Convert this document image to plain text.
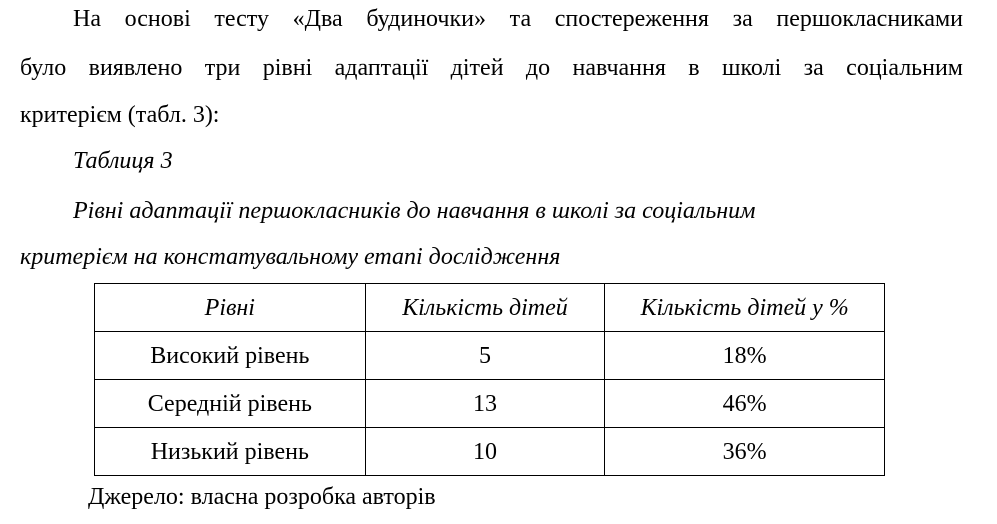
На основі тесту «Два будиночки» та спостереження за першокласниками
було виявлено три рівні адаптації дітей до навчання в школі за соціальним
критерієм (табл. 3):
Таблиця 3
Рівні адаптації першокласників до навчання в школі за соціальним
критерієм на констатувальному етапі дослідження
Рівні	Кількість дітей	Кількість дітей у %
Високий рівень	5	18%
Середній рівень	13	46%
Низький рівень	10	36%
Джерело: власна розробка авторів
